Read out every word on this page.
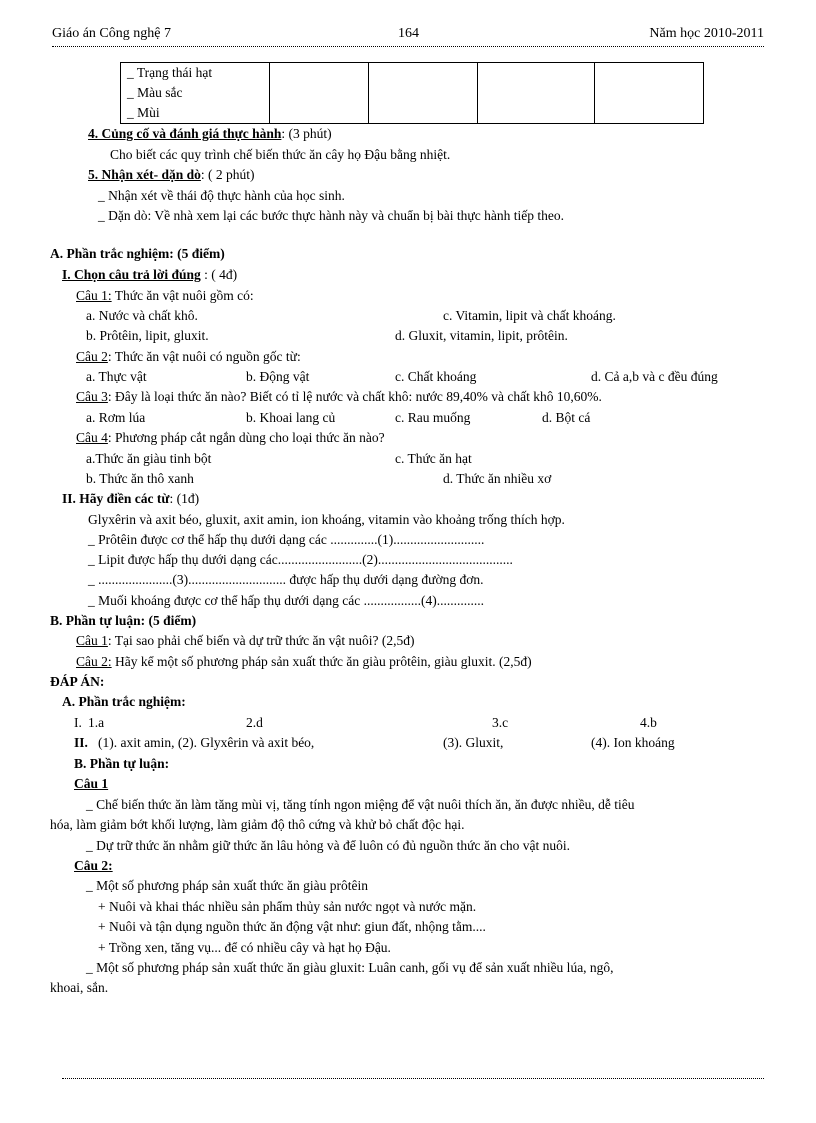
Giáo án Công nghệ 7	164	Năm học 2010-2011
_ Trạng thái hạt
_ Màu sắc
_ Mùi

4. Củng cố và đánh giá thực hành: (3 phút)
Cho biết các quy trình chế biến thức ăn cây họ Đậu bằng nhiệt.
5. Nhận xét- dặn dò: ( 2 phút)
_ Nhận xét về thái độ thực hành của học sinh.
_ Dặn dò: Về nhà xem lại các bước thực hành này và chuẩn bị bài thực hành tiếp theo.
A. Phần trắc nghiệm: (5 điểm)
I. Chọn câu trả lời đúng : ( 4đ)
Câu 1: Thức ăn vật nuôi gồm có:
a. Nước và chất khô.	c. Vitamin, lipit và chất khoáng.
b. Prôtêin, lipit, gluxit.	d. Gluxit, vitamin, lipit, prôtêin.
Câu 2: Thức ăn vật nuôi có nguồn gốc từ:
a. Thực vật	b. Động vật	c. Chất khoáng	d. Cả a,b và c đều đúng
Câu 3: Đây là loại thức ăn nào? Biết có tỉ lệ nước và chất khô: nước 89,40% và chất khô 10,60%.
a. Rơm lúa	b. Khoai lang củ	c. Rau muống	d. Bột cá
Câu 4: Phương pháp cắt ngắn dùng cho loại thức ăn nào?
a.Thức ăn giàu tinh bột	c. Thức ăn hạt
b. Thức ăn thô xanh	d. Thức ăn nhiều xơ
II. Hãy điền các từ: (1đ)
Glyxêrin và axit béo, gluxit, axit amin, ion khoáng, vitamin vào khoảng trống thích hợp.
_ Prôtêin được cơ thể hấp thụ dưới dạng các ..............(1)...........................
_ Lipit được hấp thụ dưới dạng các.........................(2)........................................
_ ......................(3)............................. được hấp thụ dưới dạng đường đơn.
_ Muối khoáng được cơ thể hấp thụ dưới dạng các .................(4)..............
B. Phần tự luận: (5 điểm)
Câu 1: Tại sao phải chế biến và dự trữ thức ăn vật nuôi? (2,5đ)
Câu 2: Hãy kể một số phương pháp sản xuất thức ăn giàu prôtêin, giàu gluxit. (2,5đ)
ĐÁP ÁN:
A. Phần trắc nghiệm:
I. 1.a	2.d	3.c	4.b
II. (1). axit amin, (2). Glyxêrin và axit béo,	(3). Gluxit,	(4). Ion khoáng
B. Phần tự luận:
Câu 1
_ Chế biến thức ăn làm tăng mùi vị, tăng tính ngon miệng để vật nuôi thích ăn, ăn được nhiều, dễ tiêu
hóa, làm giảm bớt khối lượng, làm giảm độ thô cứng và khử bỏ chất độc hại.
_ Dự trữ thức ăn nhằm giữ thức ăn lâu hỏng và để luôn có đủ nguồn thức ăn cho vật nuôi.
Câu 2:
_ Một số phương pháp sản xuất thức ăn giàu prôtêin
+ Nuôi và khai thác nhiều sản phẩm thủy sản nước ngọt và nước mặn.
+ Nuôi và tận dụng nguồn thức ăn động vật như: giun đất, nhộng tằm....
+ Trồng xen, tăng vụ... để có nhiều cây và hạt họ Đậu.
_ Một số phương pháp sản xuất thức ăn giàu gluxit: Luân canh, gối vụ để sản xuất nhiều lúa, ngô,
khoai, sắn.
